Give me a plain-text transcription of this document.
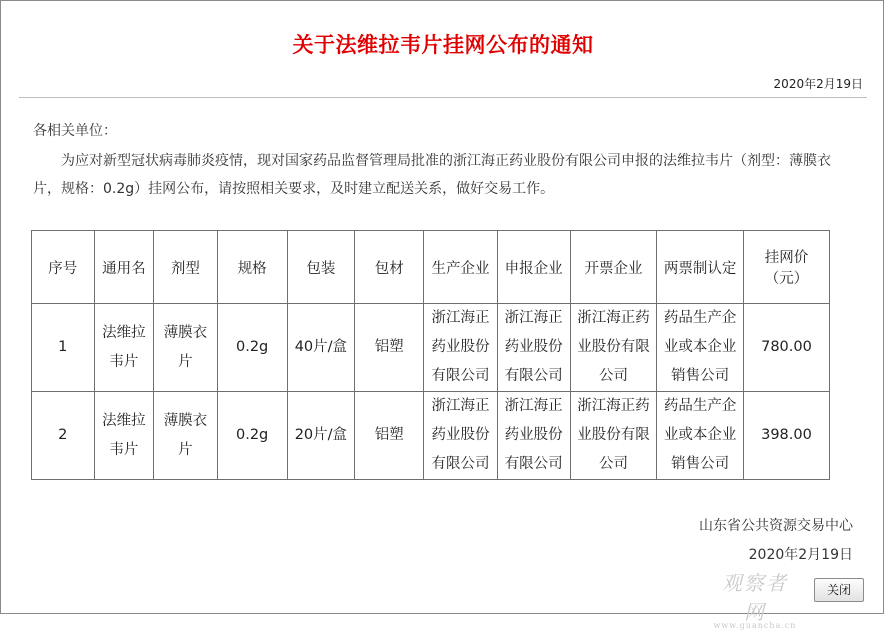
关于法维拉韦片挂网公布的通知
2020年2月19日
各相关单位：
为应对新型冠状病毒肺炎疫情，现对国家药品监督管理局批准的浙江海正药业股份有限公司申报的法维拉韦片（剂型：薄膜衣片，规格：0.2g）挂网公布，请按照相关要求，及时建立配送关系，做好交易工作。
序号	通用名	剂型	规格	包装	包材	生产企业	申报企业	开票企业	两票制认定	挂网价
（元）

1	法维拉韦片	薄膜衣片	0.2g	40片/盒	铝塑	浙江海正药业股份有限公司	浙江海正药业股份有限公司	浙江海正药业股份有限公司	药品生产企业或本企业销售公司	780.00
2	法维拉韦片	薄膜衣片	0.2g	20片/盒	铝塑	浙江海正药业股份有限公司	浙江海正药业股份有限公司	浙江海正药业股份有限公司	药品生产企业或本企业销售公司	398.00
山东省公共资源交易中心
2020年2月19日
观察者网
www.guancha.cn
关闭
